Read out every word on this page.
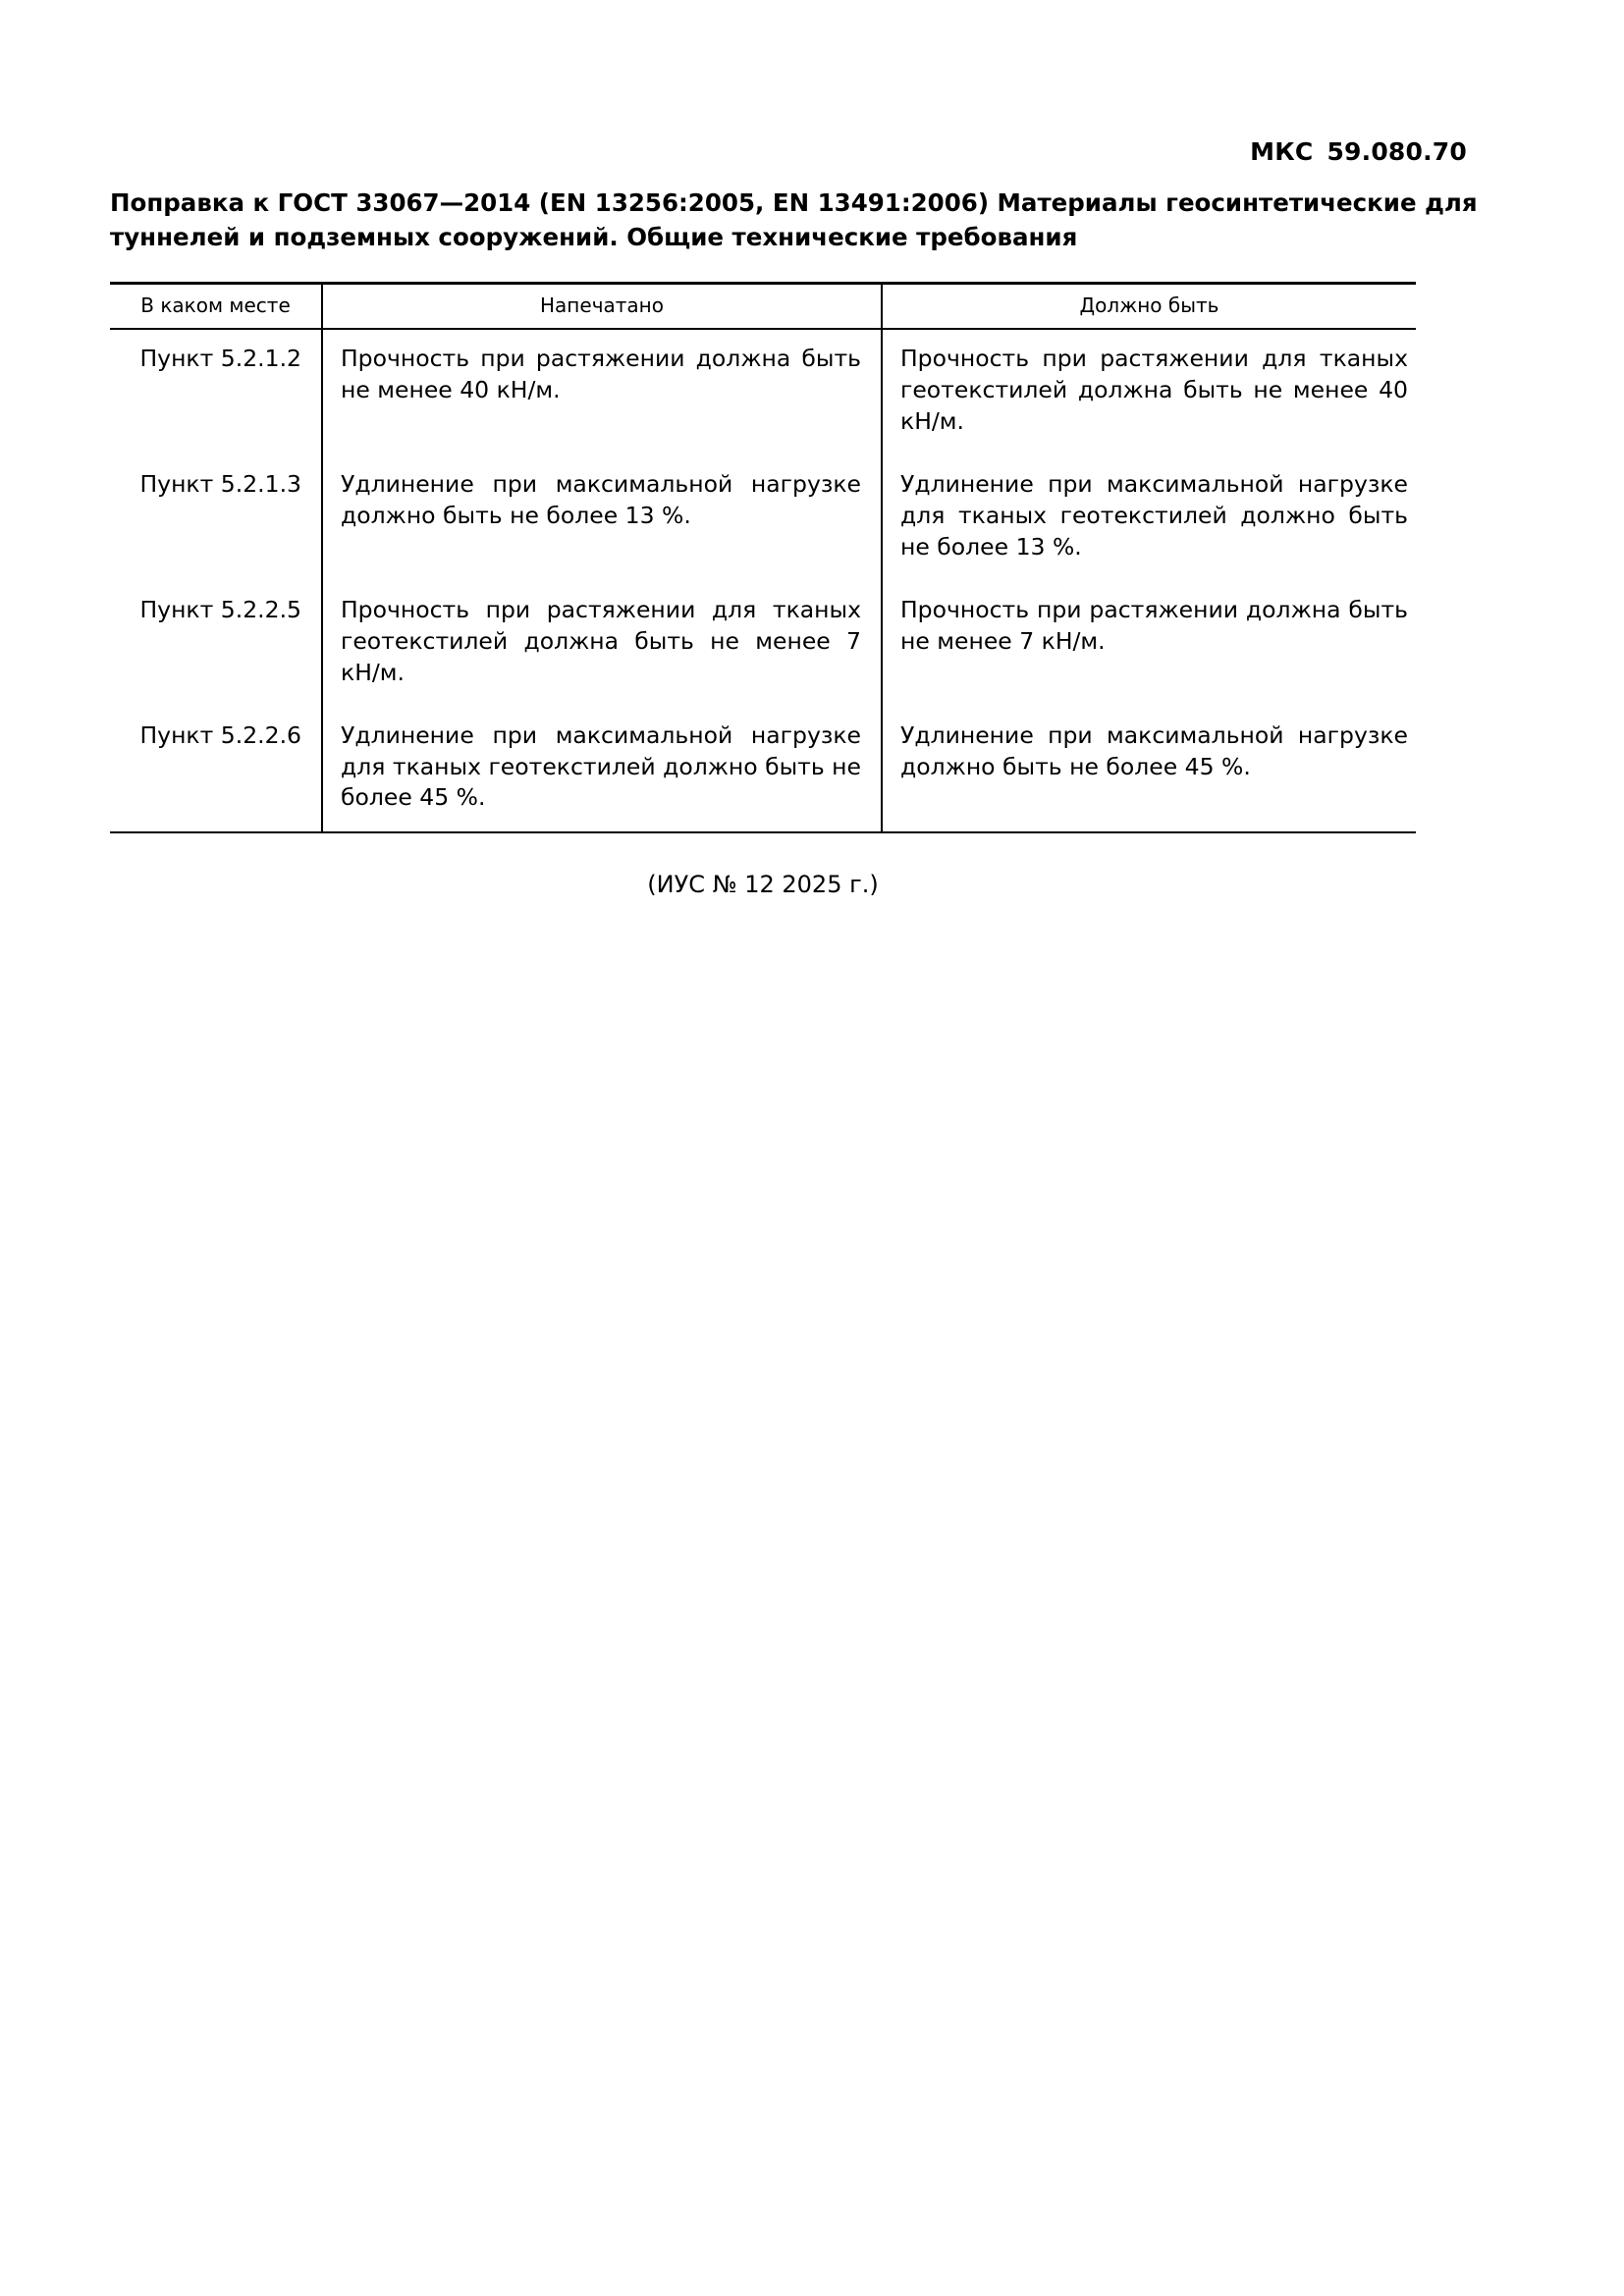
МКС 59.080.70
Поправка к ГОСТ 33067—2014 (EN 13256:2005, EN 13491:2006) Материалы геосинтетические для туннелей и подземных сооружений. Общие технические требования
В каком месте	Напечатано	Должно быть
Пункт 5.2.1.2	Прочность при растяжении должна быть не менее 40 кН/м.	Прочность при растяжении для тканых геотекстилей должна быть не менее 40 кН/м.
Пункт 5.2.1.3	Удлинение при максимальной нагрузке должно быть не более 13 %.	Удлинение при максимальной нагрузке для тканых геотекстилей должно быть не более 13 %.
Пункт 5.2.2.5	Прочность при растяжении для тканых геотекстилей должна быть не менее 7 кН/м.	Прочность при растяжении должна быть не менее 7 кН/м.
Пункт 5.2.2.6	Удлинение при максимальной нагрузке для тканых геотекстилей должно быть не более 45 %.	Удлинение при максимальной нагрузке должно быть не более 45 %.
(ИУС № 12 2025 г.)
